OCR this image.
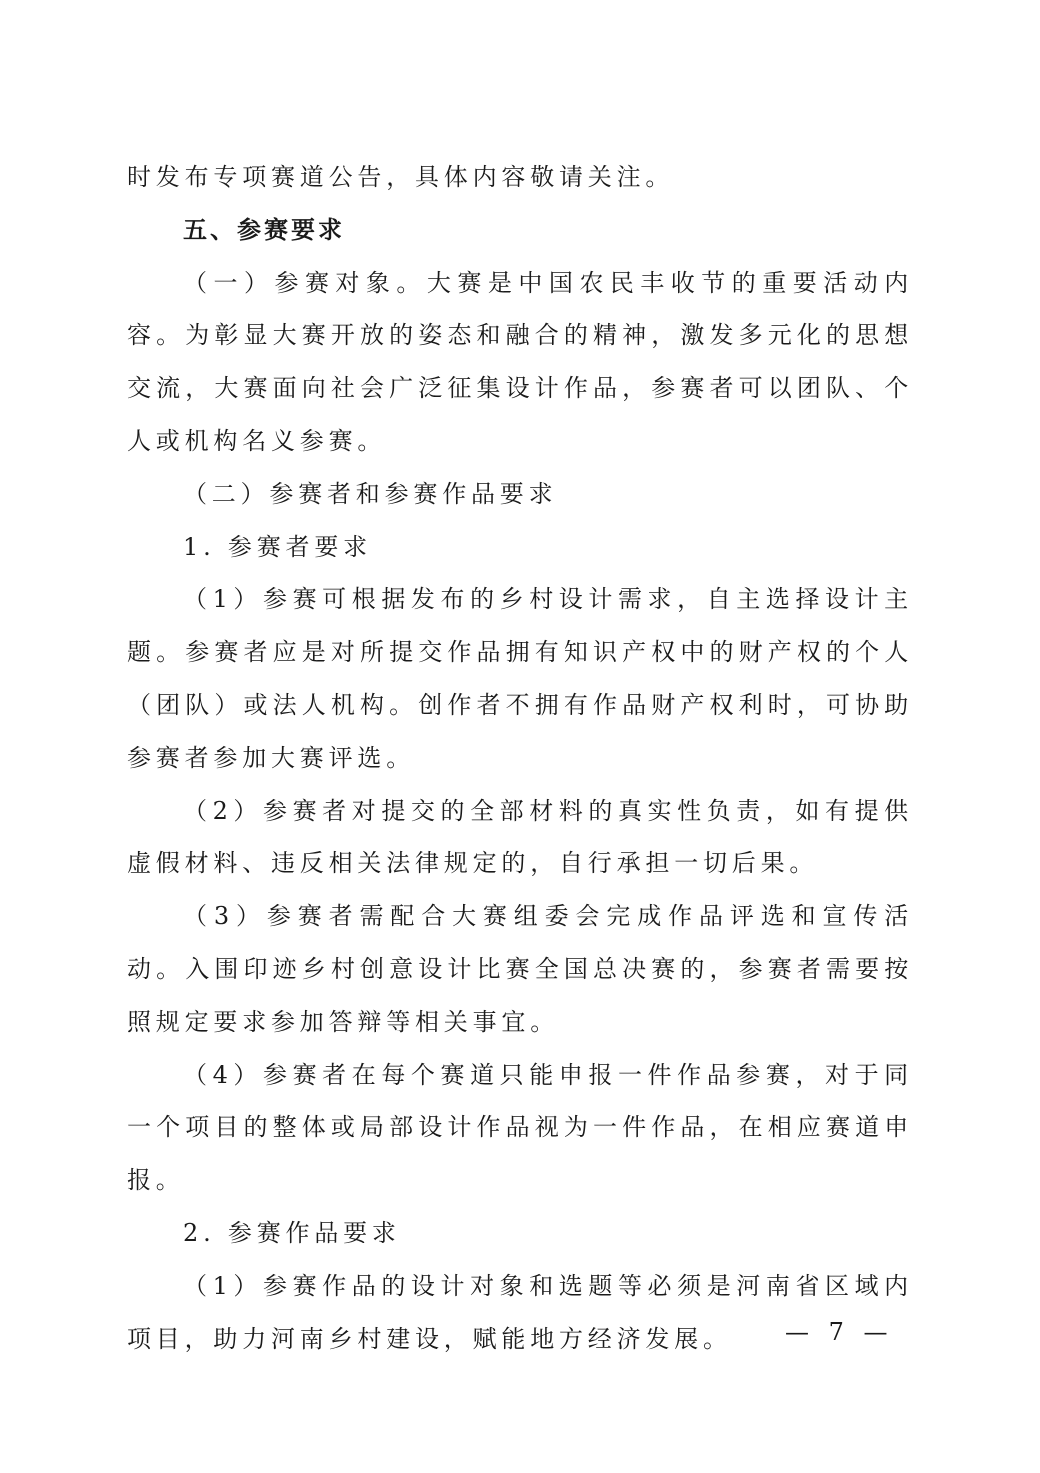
时发布专项赛道公告，具体内容敬请关注。

五、参赛要求

（一）参赛对象。大赛是中国农民丰收节的重要活动内容。为彰显大赛开放的姿态和融合的精神，激发多元化的思想交流，大赛面向社会广泛征集设计作品，参赛者可以团队、个人或机构名义参赛。

（二）参赛者和参赛作品要求

1. 参赛者要求

（1）参赛可根据发布的乡村设计需求，自主选择设计主题。参赛者应是对所提交作品拥有知识产权中的财产权的个人（团队）或法人机构。创作者不拥有作品财产权利时，可协助参赛者参加大赛评选。

（2）参赛者对提交的全部材料的真实性负责，如有提供虚假材料、违反相关法律规定的，自行承担一切后果。

（3）参赛者需配合大赛组委会完成作品评选和宣传活动。入围印迹乡村创意设计比赛全国总决赛的，参赛者需要按照规定要求参加答辩等相关事宜。

（4）参赛者在每个赛道只能申报一件作品参赛，对于同一个项目的整体或局部设计作品视为一件作品，在相应赛道申报。

2. 参赛作品要求

（1）参赛作品的设计对象和选题等必须是河南省区域内项目，助力河南乡村建设，赋能地方经济发展。	— 7 —
